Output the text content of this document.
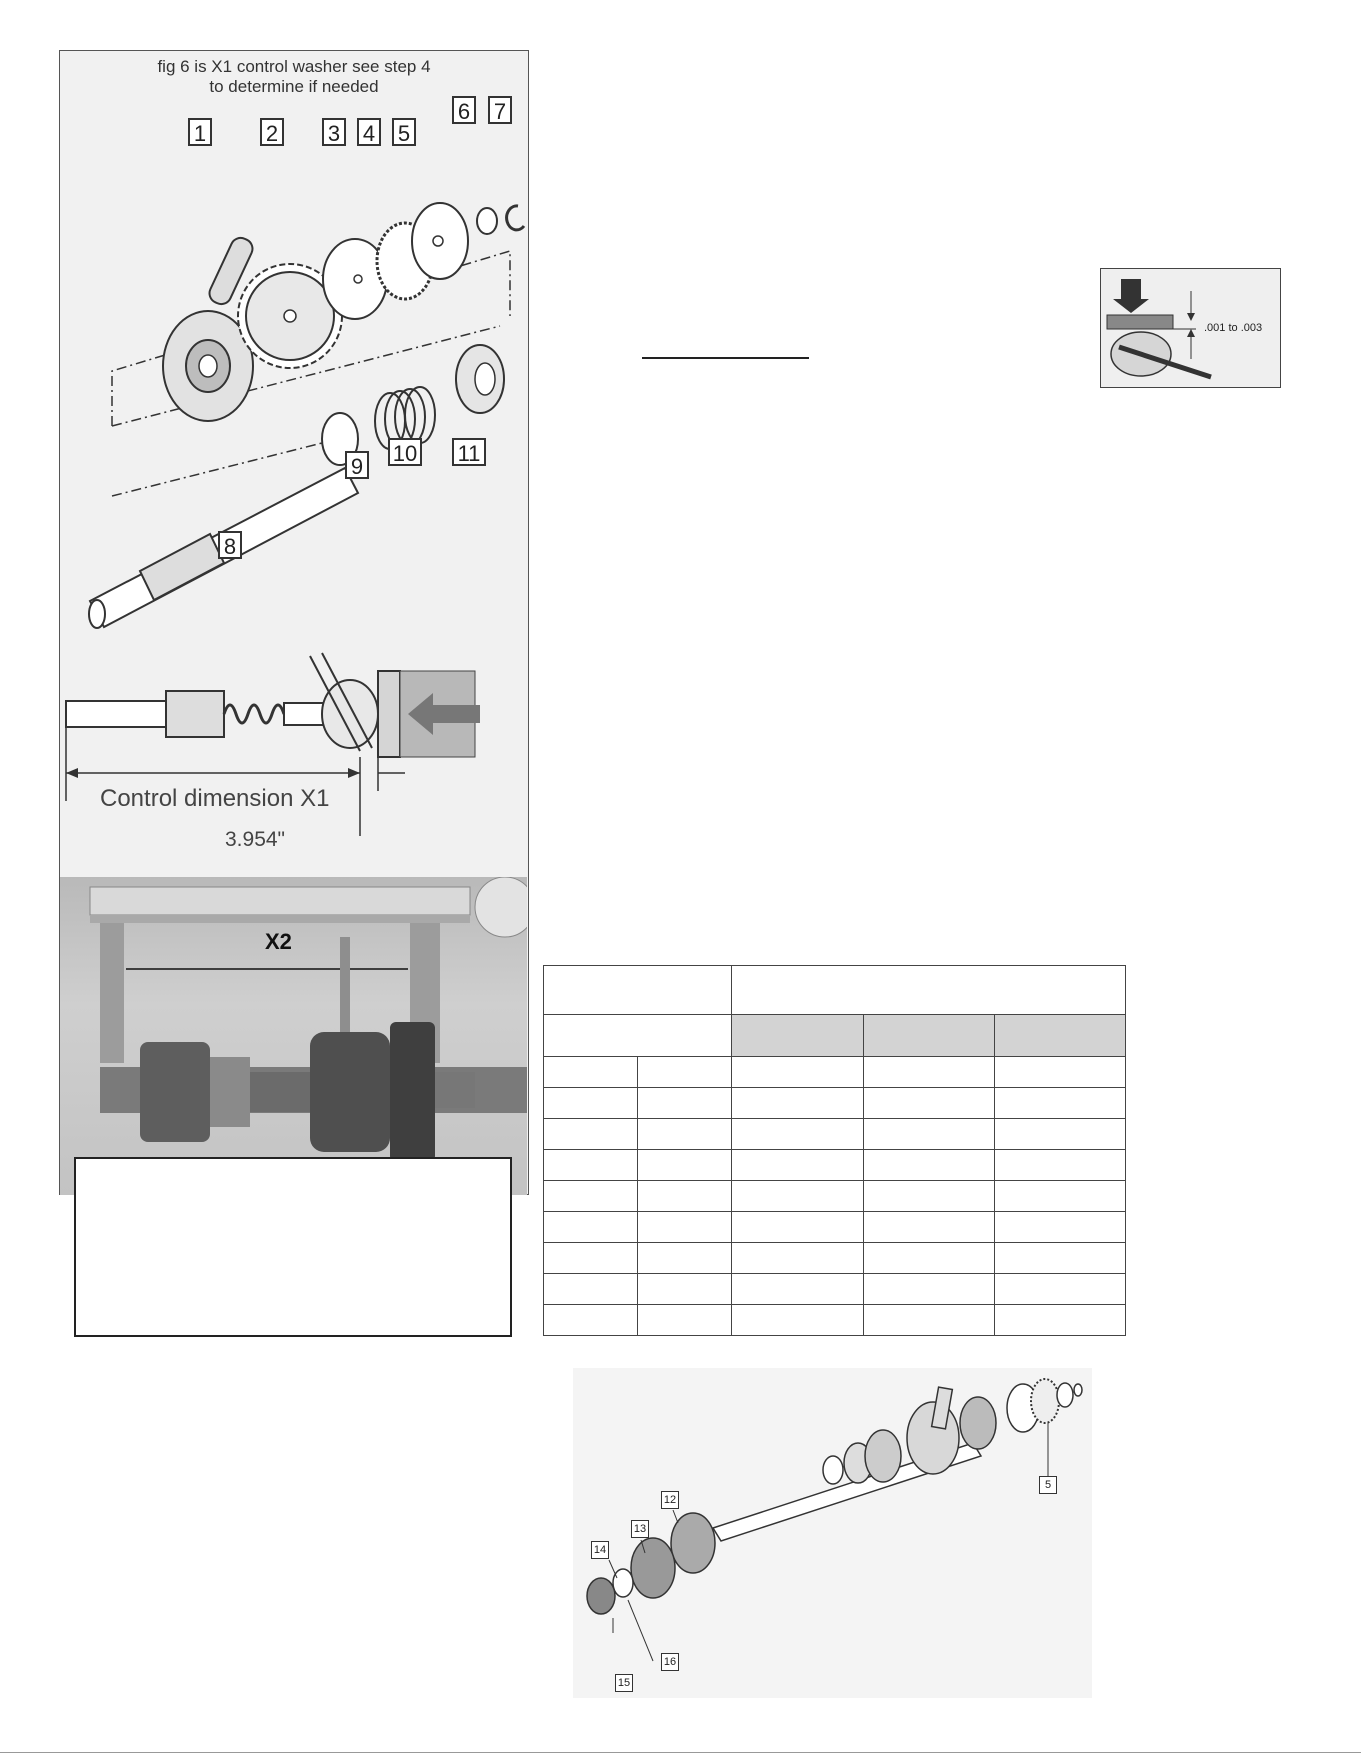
fig 6 is X1 control washer see step 4
to determine if needed
1	2 3 4 5
6 7
8
9
10 11
Control dimension X1
3.954"
X2
.001 to .003

5
12
13
14
15
16
